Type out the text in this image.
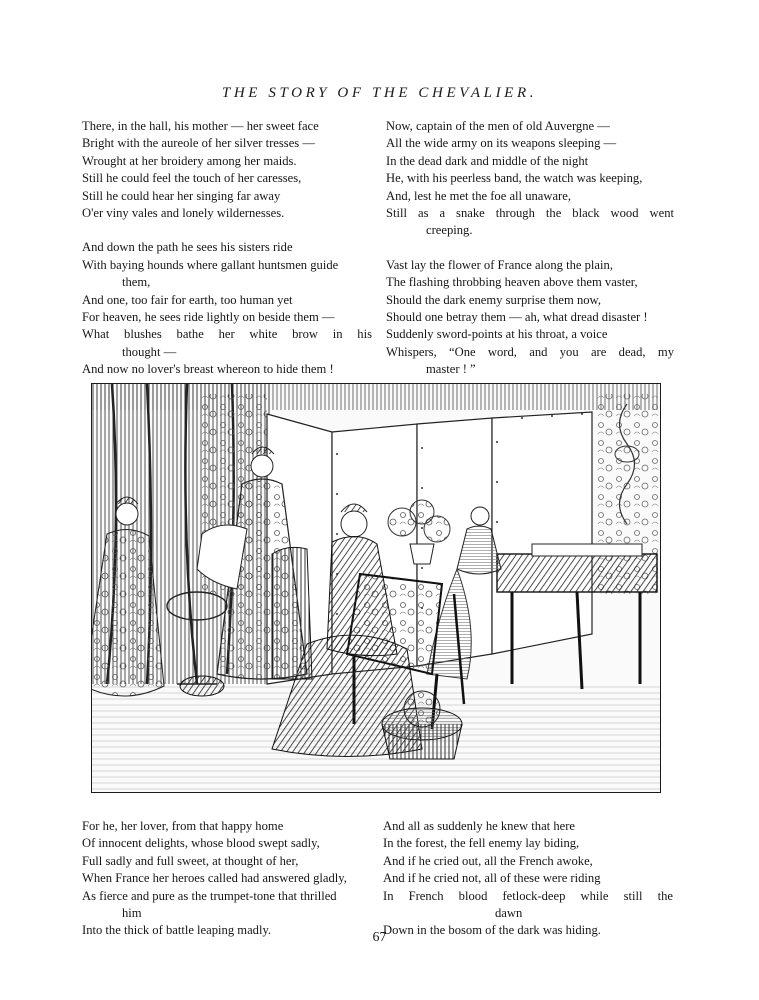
THE STORY OF THE CHEVALIER.
There, in the hall, his mother — her sweet face
Bright with the aureole of her silver tresses —
Wrought at her broidery among her maids.
Still he could feel the touch of her caresses,
Still he could hear her singing far away
O'er viny vales and lonely wildernesses.
And down the path he sees his sisters ride
With baying hounds where gallant huntsmen guide
them,
And one, too fair for earth, too human yet
For heaven, he sees ride lightly on beside them —
What blushes bathe her white brow in his
thought —
And now no lover's breast whereon to hide them !
Now, captain of the men of old Auvergne —
All the wide army on its weapons sleeping —
In the dead dark and middle of the night
He, with his peerless band, the watch was keeping,
And, lest he met the foe all unaware,
Still as a snake through the black wood went
creeping.
Vast lay the flower of France along the plain,
The flashing throbbing heaven above them vaster,
Should the dark enemy surprise them now,
Should one betray them — ah, what dread disaster !
Suddenly sword-points at his throat, a voice
Whispers, “One word, and you are dead, my
master ! ”
For he, her lover, from that happy home
Of innocent delights, whose blood swept sadly,
Full sadly and full sweet, at thought of her,
When France her heroes called had answered gladly,
As fierce and pure as the trumpet-tone that thrilled
him
Into the thick of battle leaping madly.
And all as suddenly he knew that here
In the forest, the fell enemy lay biding,
And if he cried out, all the French awoke,
And if he cried not, all of these were riding
In French blood fetlock-deep while still the
dawn
Down in the bosom of the dark was hiding.
67
